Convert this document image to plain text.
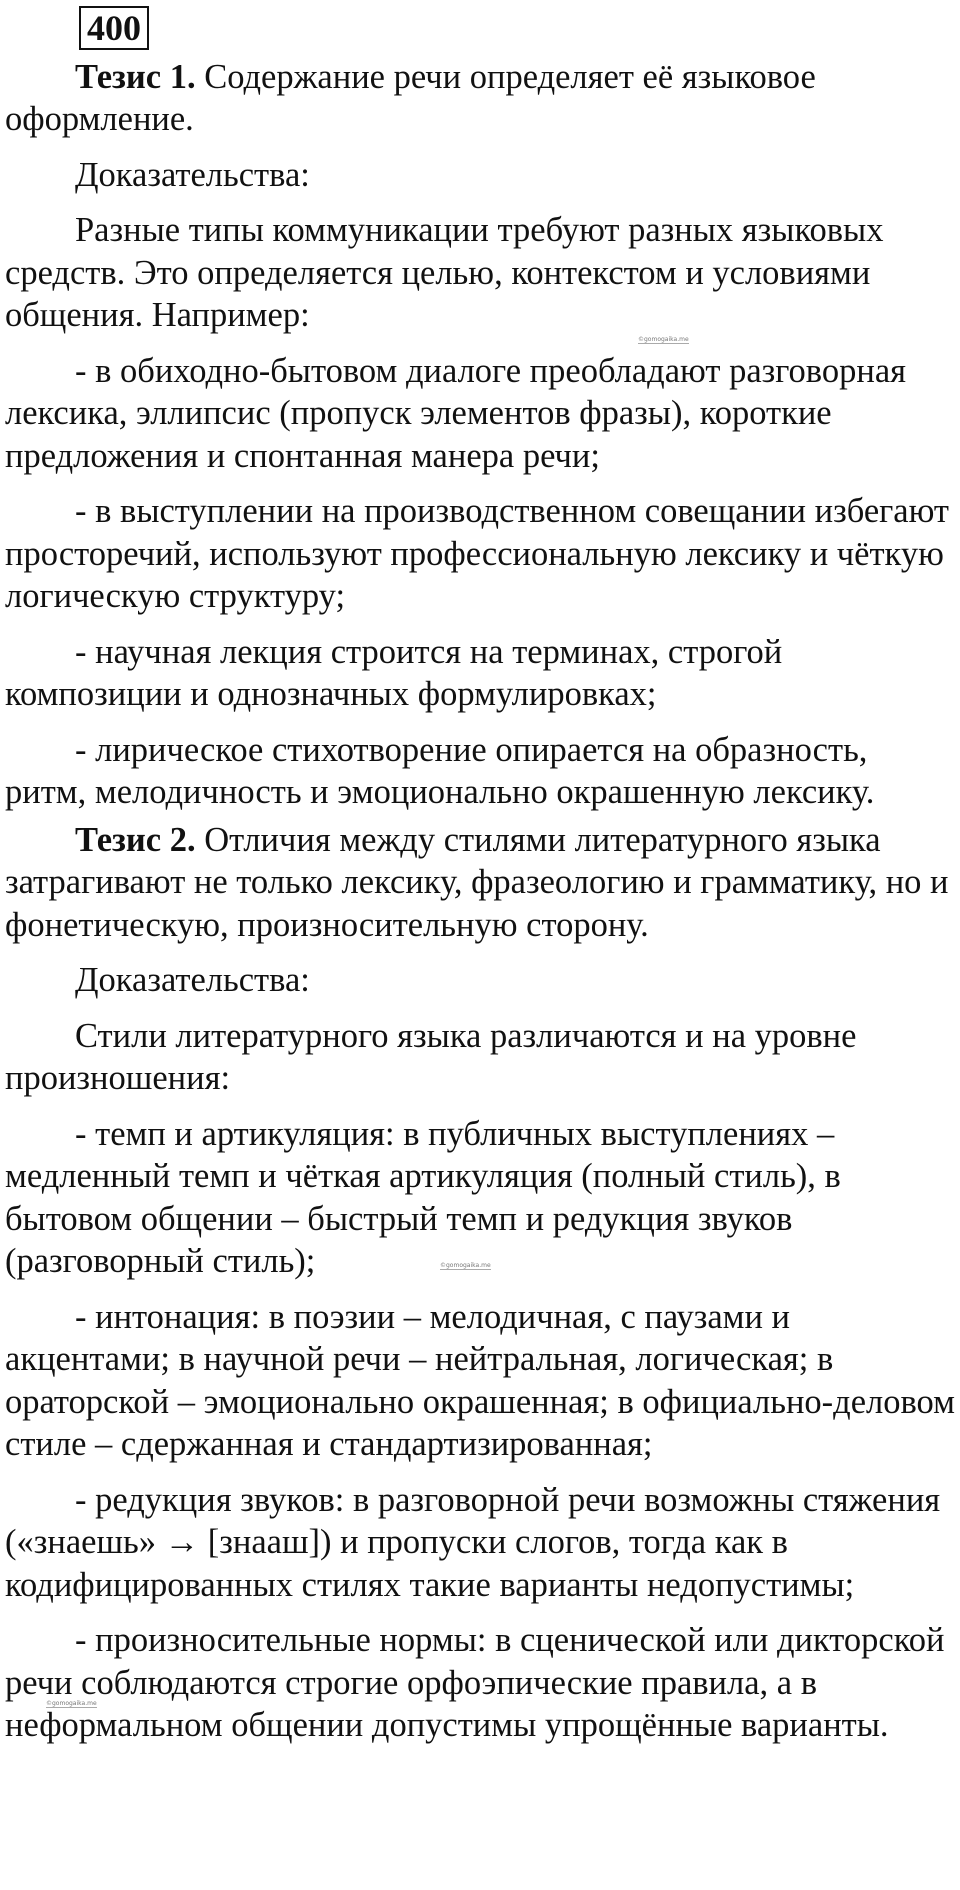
400

Тезис 1. Содержание речи определяет её языковое оформление.

Доказательства:

Разные типы коммуникации требуют разных языковых средств. Это определяется целью, контекстом и условиями общения. Например:

- в обиходно-бытовом диалоге преобладают разговорная лексика, эллипсис (пропуск элементов фразы), короткие предложения и спонтанная манера речи;

- в выступлении на производственном совещании избегают просторечий, используют профессиональную лексику и чёткую логическую структуру;

- научная лекция строится на терминах, строгой композиции и однозначных формулировках;

- лирическое стихотворение опирается на образность, ритм, мелодичность и эмоционально окрашенную лексику.

Тезис 2. Отличия между стилями литературного языка затрагивают не только лексику, фразеологию и грамматику, но и фонетическую, произносительную сторону.

Доказательства:

Стили литературного языка различаются и на уровне произношения:

- темп и артикуляция: в публичных выступлениях – медленный темп и чёткая артикуляция (полный стиль), в бытовом общении – быстрый темп и редукция звуков (разговорный стиль);

- интонация: в поэзии – мелодичная, с паузами и акцентами; в научной речи – нейтральная, логическая; в ораторской – эмоционально окрашенная; в официально-деловом стиле – сдержанная и стандартизированная;

- редукция звуков: в разговорной речи возможны стяжения («знаешь» → [знааш]) и пропуски слогов, тогда как в кодифицированных стилях такие варианты недопустимы;

- произносительные нормы: в сценической или дикторской речи соблюдаются строгие орфоэпические правила, а в неформальном общении допустимы упрощённые варианты.

©gomogaika.me
©gomogaika.me
©gomogaika.me
